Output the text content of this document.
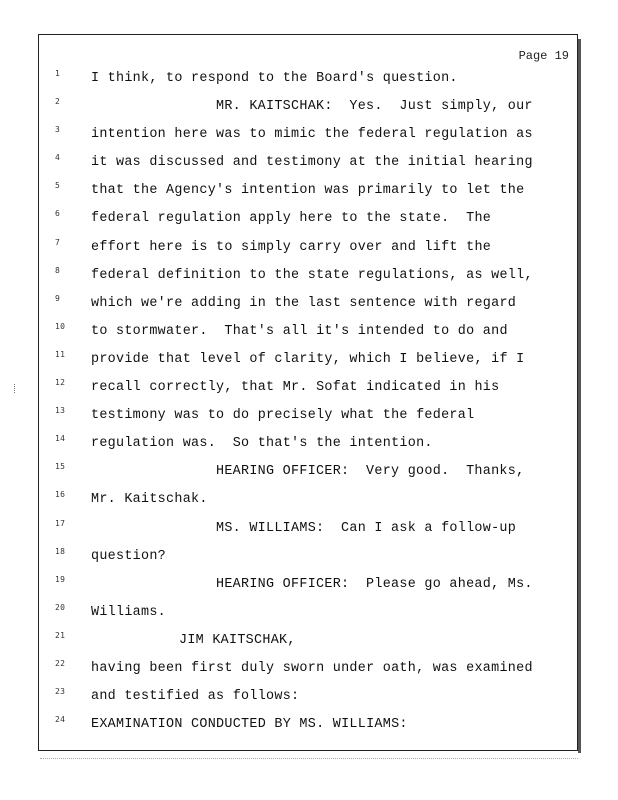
Page 19
1 I think, to respond to the Board's question.
2	MR. KAITSCHAK:  Yes.  Just simply, our
3 intention here was to mimic the federal regulation as
4 it was discussed and testimony at the initial hearing
5 that the Agency's intention was primarily to let the
6 federal regulation apply here to the state.  The
7 effort here is to simply carry over and lift the
8 federal definition to the state regulations, as well,
9 which we're adding in the last sentence with regard
10 to stormwater.  That's all it's intended to do and
11 provide that level of clarity, which I believe, if I
12 recall correctly, that Mr. Sofat indicated in his
13 testimony was to do precisely what the federal
14 regulation was.  So that's the intention.
15	HEARING OFFICER:  Very good.  Thanks,
16 Mr. Kaitschak.
17	MS. WILLIAMS:  Can I ask a follow-up
18 question?
19	HEARING OFFICER:  Please go ahead, Ms.
20 Williams.
21	JIM KAITSCHAK,
22 having been first duly sworn under oath, was examined
23 and testified as follows:
24 EXAMINATION CONDUCTED BY MS. WILLIAMS:
